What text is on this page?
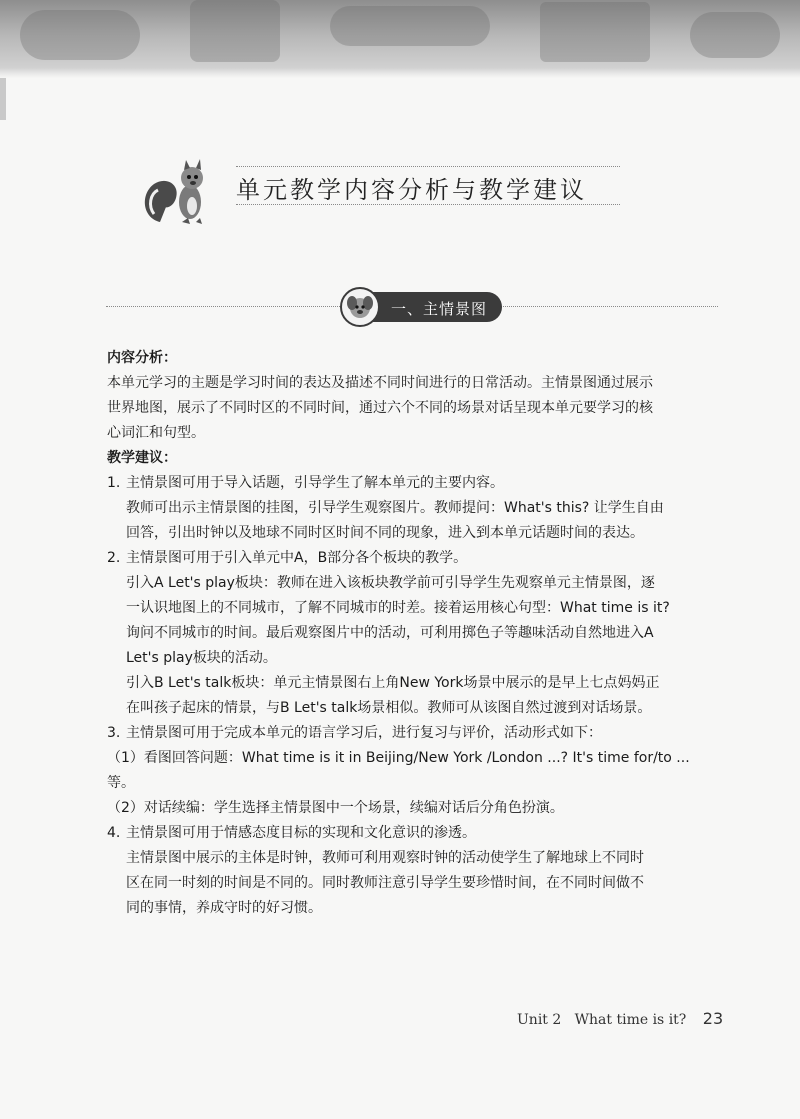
单元教学内容分析与教学建议
一、主情景图

内容分析：

本单元学习的主题是学习时间的表达及描述不同时间进行的日常活动。主情景图通过展示

世界地图，展示了不同时区的不同时间，通过六个不同的场景对话呈现本单元要学习的核

心词汇和句型。

教学建议：

1. 主情景图可用于导入话题，引导学生了解本单元的主要内容。

教师可出示主情景图的挂图，引导学生观察图片。教师提问：What's this? 让学生自由

回答，引出时钟以及地球不同时区时间不同的现象，进入到本单元话题时间的表达。

2. 主情景图可用于引入单元中A，B部分各个板块的教学。

引入A Let's play板块：教师在进入该板块教学前可引导学生先观察单元主情景图，逐

一认识地图上的不同城市，了解不同城市的时差。接着运用核心句型：What time is it?

询问不同城市的时间。最后观察图片中的活动，可利用掷色子等趣味活动自然地进入A

Let's play板块的活动。

引入B Let's talk板块：单元主情景图右上角New York场景中展示的是早上七点妈妈正

在叫孩子起床的情景，与B Let's talk场景相似。教师可从该图自然过渡到对话场景。

3. 主情景图可用于完成本单元的语言学习后，进行复习与评价，活动形式如下：

（1）看图回答问题：What time is it in Beijing/New York /London ...? It's time for/to ... 等。

（2）对话续编：学生选择主情景图中一个场景，续编对话后分角色扮演。

4. 主情景图可用于情感态度目标的实现和文化意识的渗透。

主情景图中展示的主体是时钟，教师可利用观察时钟的活动使学生了解地球上不同时

区在同一时刻的时间是不同的。同时教师注意引导学生要珍惜时间，在不同时间做不

同的事情，养成守时的好习惯。

Unit 2 What time is it? 23
